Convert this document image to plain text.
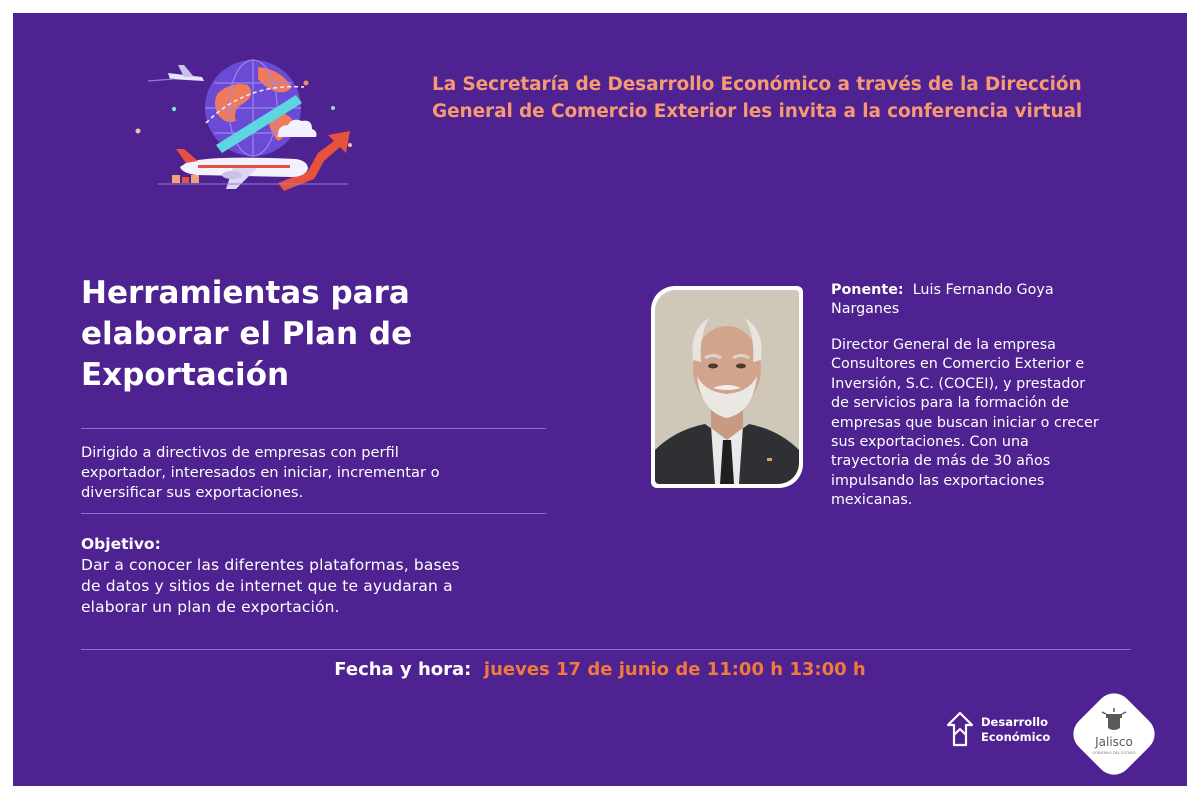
La Secretaría de Desarrollo Económico a través de la Dirección
General de Comercio Exterior les invita a la conferencia virtual
Herramientas para
elaborar el Plan de
Exportación
Dirigido a directivos de empresas con perfil
exportador, interesados en iniciar, incrementar o
diversificar sus exportaciones.
Objetivo:
Dar a conocer las diferentes plataformas, bases
de datos y sitios de internet que te ayudaran a
elaborar un plan de exportación.
Ponente: Luis Fernando Goya
Narganes
Director General de la empresa
Consultores en Comercio Exterior e
Inversión, S.C. (COCEI), y prestador
de servicios para la formación de
empresas que buscan iniciar o crecer
sus exportaciones. Con una
trayectoria de más de 30 años
impulsando las exportaciones
mexicanas.
Fecha y hora: jueves 17 de junio de 11:00 h 13:00 h
Desarrollo
Económico	Jalisco
GOBIERNO DEL ESTADO
